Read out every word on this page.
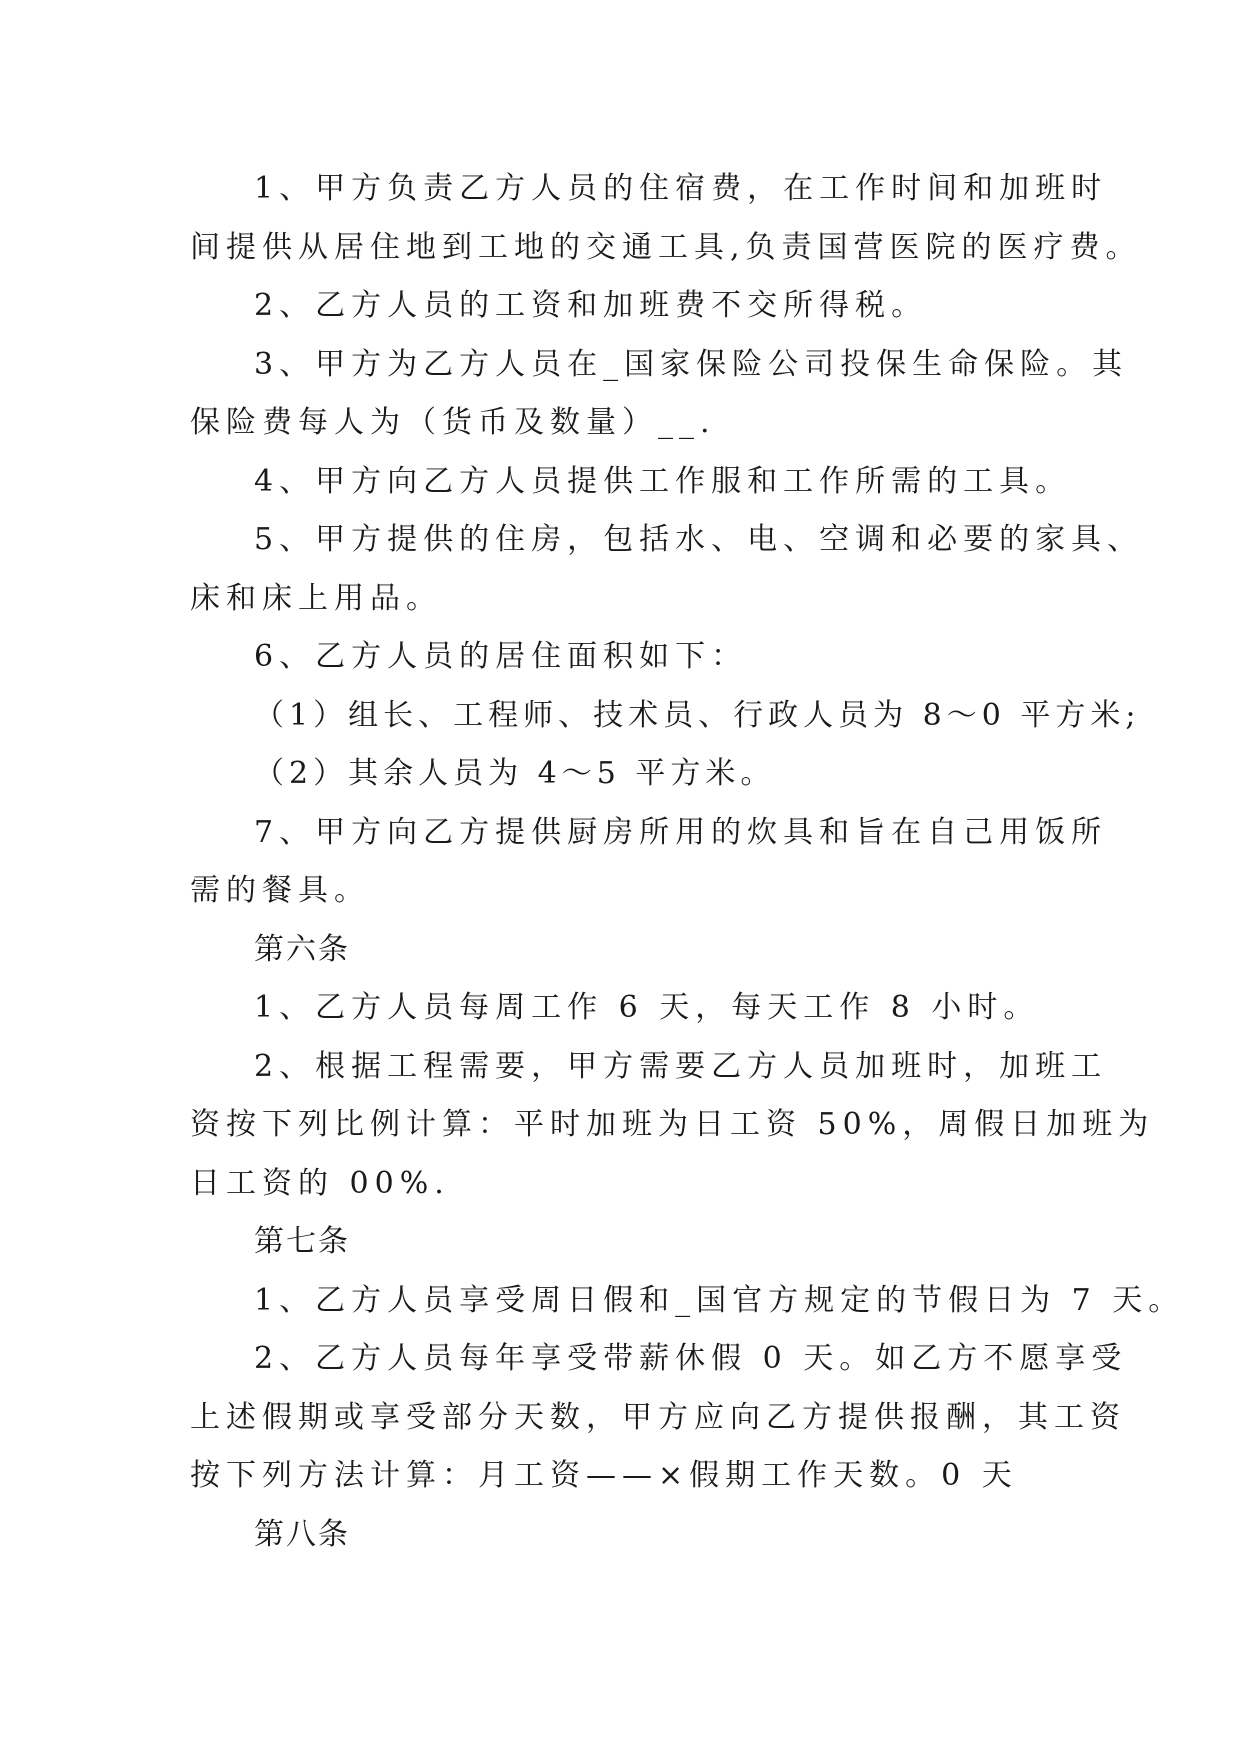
1、甲方负责乙方人员的住宿费，在工作时间和加班时
间提供从居住地到工地的交通工具,负责国营医院的医疗费。
2、乙方人员的工资和加班费不交所得税。
3、甲方为乙方人员在_国家保险公司投保生命保险。其
保险费每人为（货币及数量）__.
4、甲方向乙方人员提供工作服和工作所需的工具。
5、甲方提供的住房，包括水、电、空调和必要的家具、
床和床上用品。
6、乙方人员的居住面积如下：
（1）组长、工程师、技术员、行政人员为 8～0 平方米;
（2）其余人员为 4～5 平方米。
7、甲方向乙方提供厨房所用的炊具和旨在自己用饭所
需的餐具。
第六条
1、乙方人员每周工作 6 天，每天工作 8 小时。
2、根据工程需要，甲方需要乙方人员加班时，加班工
资按下列比例计算：平时加班为日工资 50%，周假日加班为
日工资的 00%.
第七条
1、乙方人员享受周日假和_国官方规定的节假日为 7 天。
2、乙方人员每年享受带薪休假 0 天。如乙方不愿享受
上述假期或享受部分天数，甲方应向乙方提供报酬，其工资
按下列方法计算：月工资——×假期工作天数。0 天
第八条
